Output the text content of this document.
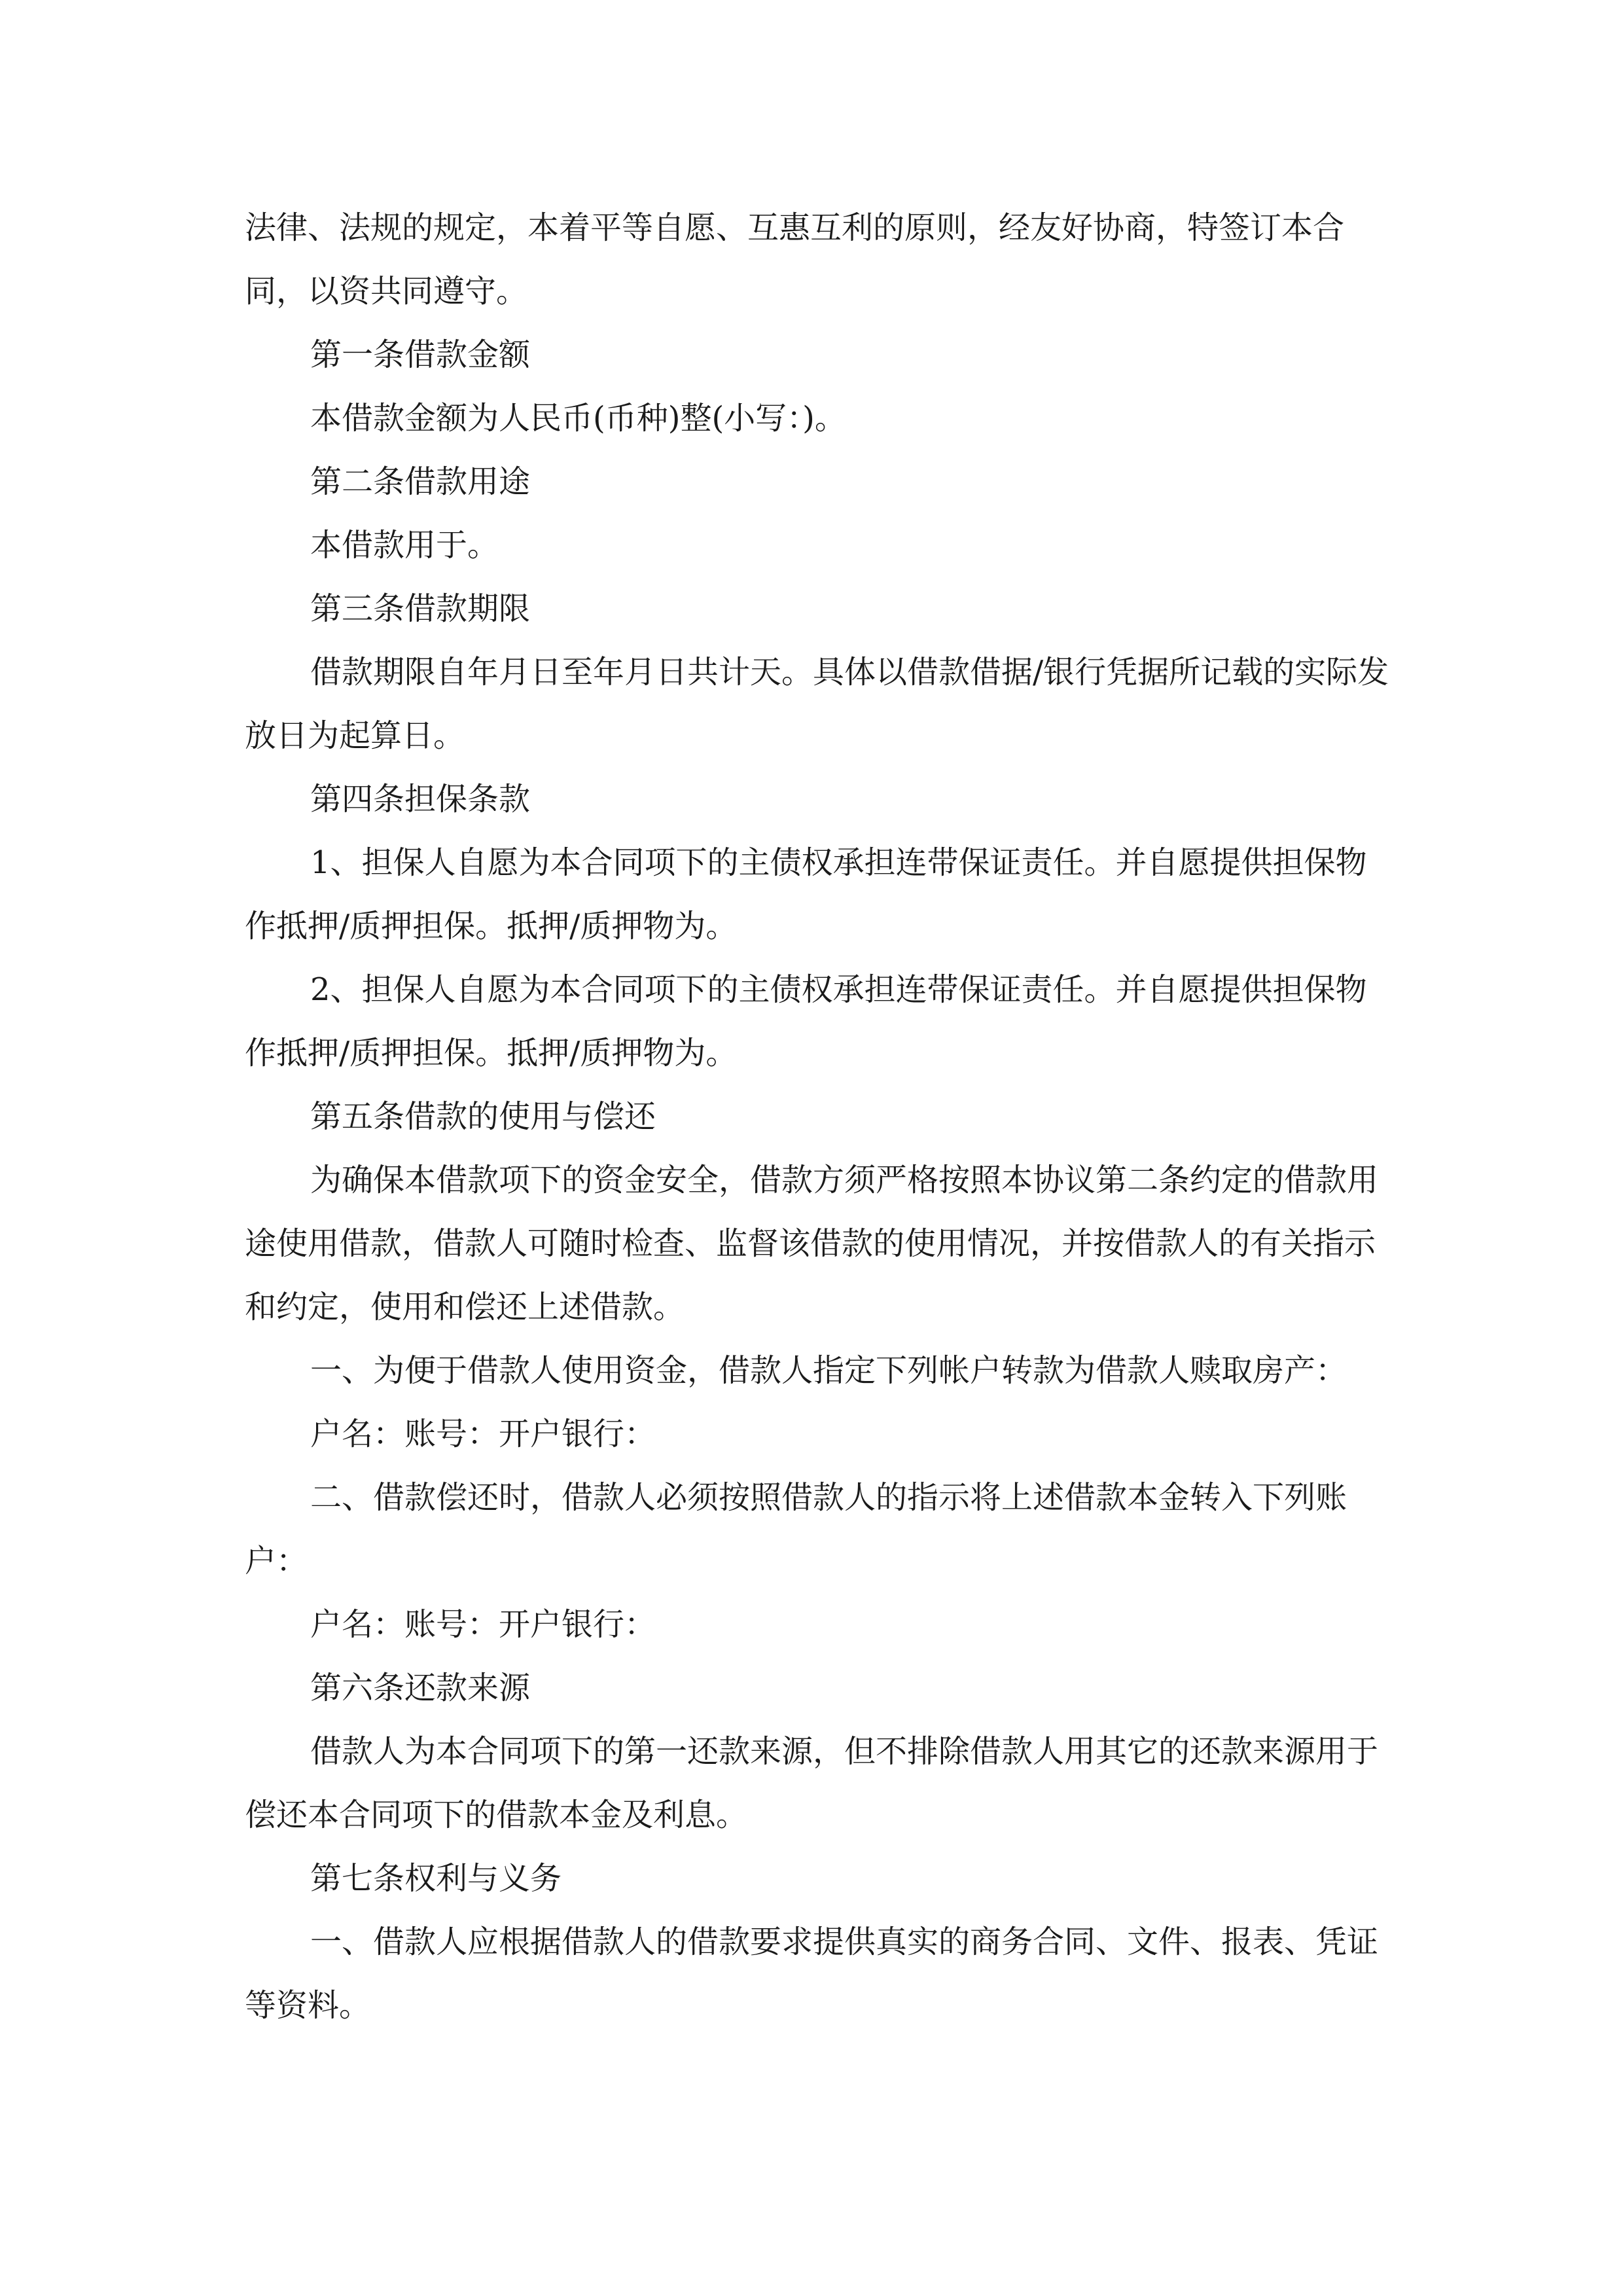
法律、法规的规定，本着平等自愿、互惠互利的原则，经友好协商，特签订本合同，以资共同遵守。

第一条借款金额

本借款金额为人民币(币种)整(小写：)。

第二条借款用途

本借款用于。

第三条借款期限

借款期限自年月日至年月日共计天。具体以借款借据/银行凭据所记载的实际发放日为起算日。

第四条担保条款

1、担保人自愿为本合同项下的主债权承担连带保证责任。并自愿提供担保物作抵押/质押担保。抵押/质押物为。

2、担保人自愿为本合同项下的主债权承担连带保证责任。并自愿提供担保物作抵押/质押担保。抵押/质押物为。

第五条借款的使用与偿还

为确保本借款项下的资金安全，借款方须严格按照本协议第二条约定的借款用途使用借款，借款人可随时检查、监督该借款的使用情况，并按借款人的有关指示和约定，使用和偿还上述借款。

一、为便于借款人使用资金，借款人指定下列帐户转款为借款人赎取房产：

户名：账号：开户银行：

二、借款偿还时，借款人必须按照借款人的指示将上述借款本金转入下列账户：

户名：账号：开户银行：

第六条还款来源

借款人为本合同项下的第一还款来源，但不排除借款人用其它的还款来源用于偿还本合同项下的借款本金及利息。

第七条权利与义务

一、借款人应根据借款人的借款要求提供真实的商务合同、文件、报表、凭证等资料。
